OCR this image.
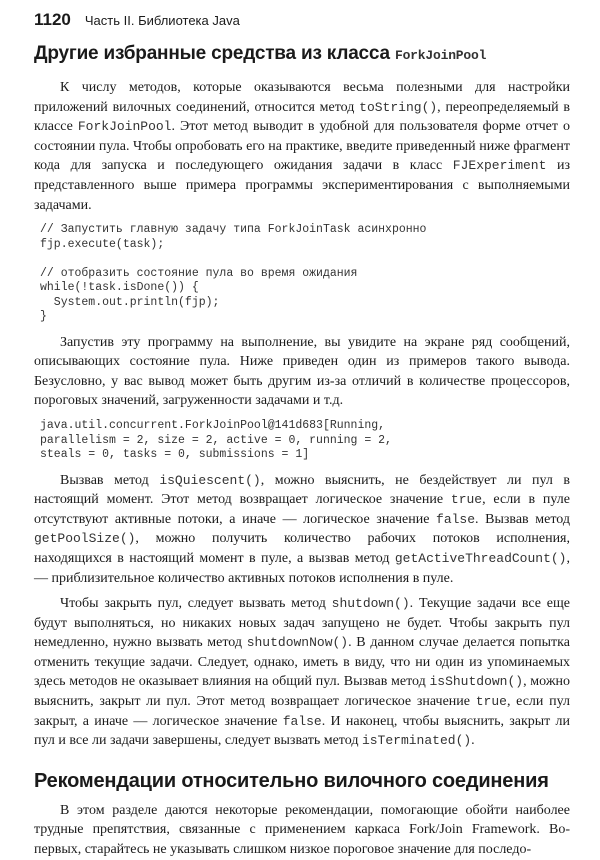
1120 Часть II. Библиотека Java
Другие избранные средства из класса ForkJoinPool

К числу методов, которые оказываются весьма полезными для настройки приложений вилочных соединений, относится метод toString(), переопределяемый в классе ForkJoinPool. Этот метод выводит в удобной для пользователя форме отчет о состоянии пула. Чтобы опробовать его на практике, введите приведенный ниже фрагмент кода для запуска и последующего ожидания задачи в класс FJExperiment из представленного выше примера программы экспериментирования с выполняемыми задачами.

// Запустить главную задачу типа ForkJoinTask асинхронно
fjp.execute(task);

// отобразить состояние пула во время ожидания
while(!task.isDone()) {
System.out.println(fjp);
}

Запустив эту программу на выполнение, вы увидите на экране ряд сообщений, описывающих состояние пула. Ниже приведен один из примеров такого вывода. Безусловно, у вас вывод может быть другим из-за отличий в количестве процессоров, пороговых значений, загруженности задачами и т.д.

java.util.concurrent.ForkJoinPool@141d683[Running,
parallelism = 2, size = 2, active = 0, running = 2,
steals = 0, tasks = 0, submissions = 1]

Вызвав метод isQuiescent(), можно выяснить, не бездействует ли пул в настоящий момент. Этот метод возвращает логическое значение true, если в пуле отсутствуют активные потоки, а иначе — логическое значение false. Вызвав метод getPoolSize(), можно получить количество рабочих потоков исполнения, находящихся в настоящий момент в пуле, а вызвав метод getActiveThreadCount(), — приблизительное количество активных потоков исполнения в пуле.

Чтобы закрыть пул, следует вызвать метод shutdown(). Текущие задачи все еще будут выполняться, но никаких новых задач запущено не будет. Чтобы закрыть пул немедленно, нужно вызвать метод shutdownNow(). В данном случае делается попытка отменить текущие задачи. Следует, однако, иметь в виду, что ни один из упоминаемых здесь методов не оказывает влияния на общий пул. Вызвав метод isShutdown(), можно выяснить, закрыт ли пул. Этот метод возвращает логическое значение true, если пул закрыт, а иначе — логическое значение false. И наконец, чтобы выяснить, закрыт ли пул и все ли задачи завершены, следует вызвать метод isTerminated().

Рекомендации относительно вилочного соединения

В этом разделе даются некоторые рекомендации, помогающие обойти наиболее трудные препятствия, связанные с применением каркаса Fork/Join Framework. Во-первых, старайтесь не указывать слишком низкое пороговое значение для последо-
